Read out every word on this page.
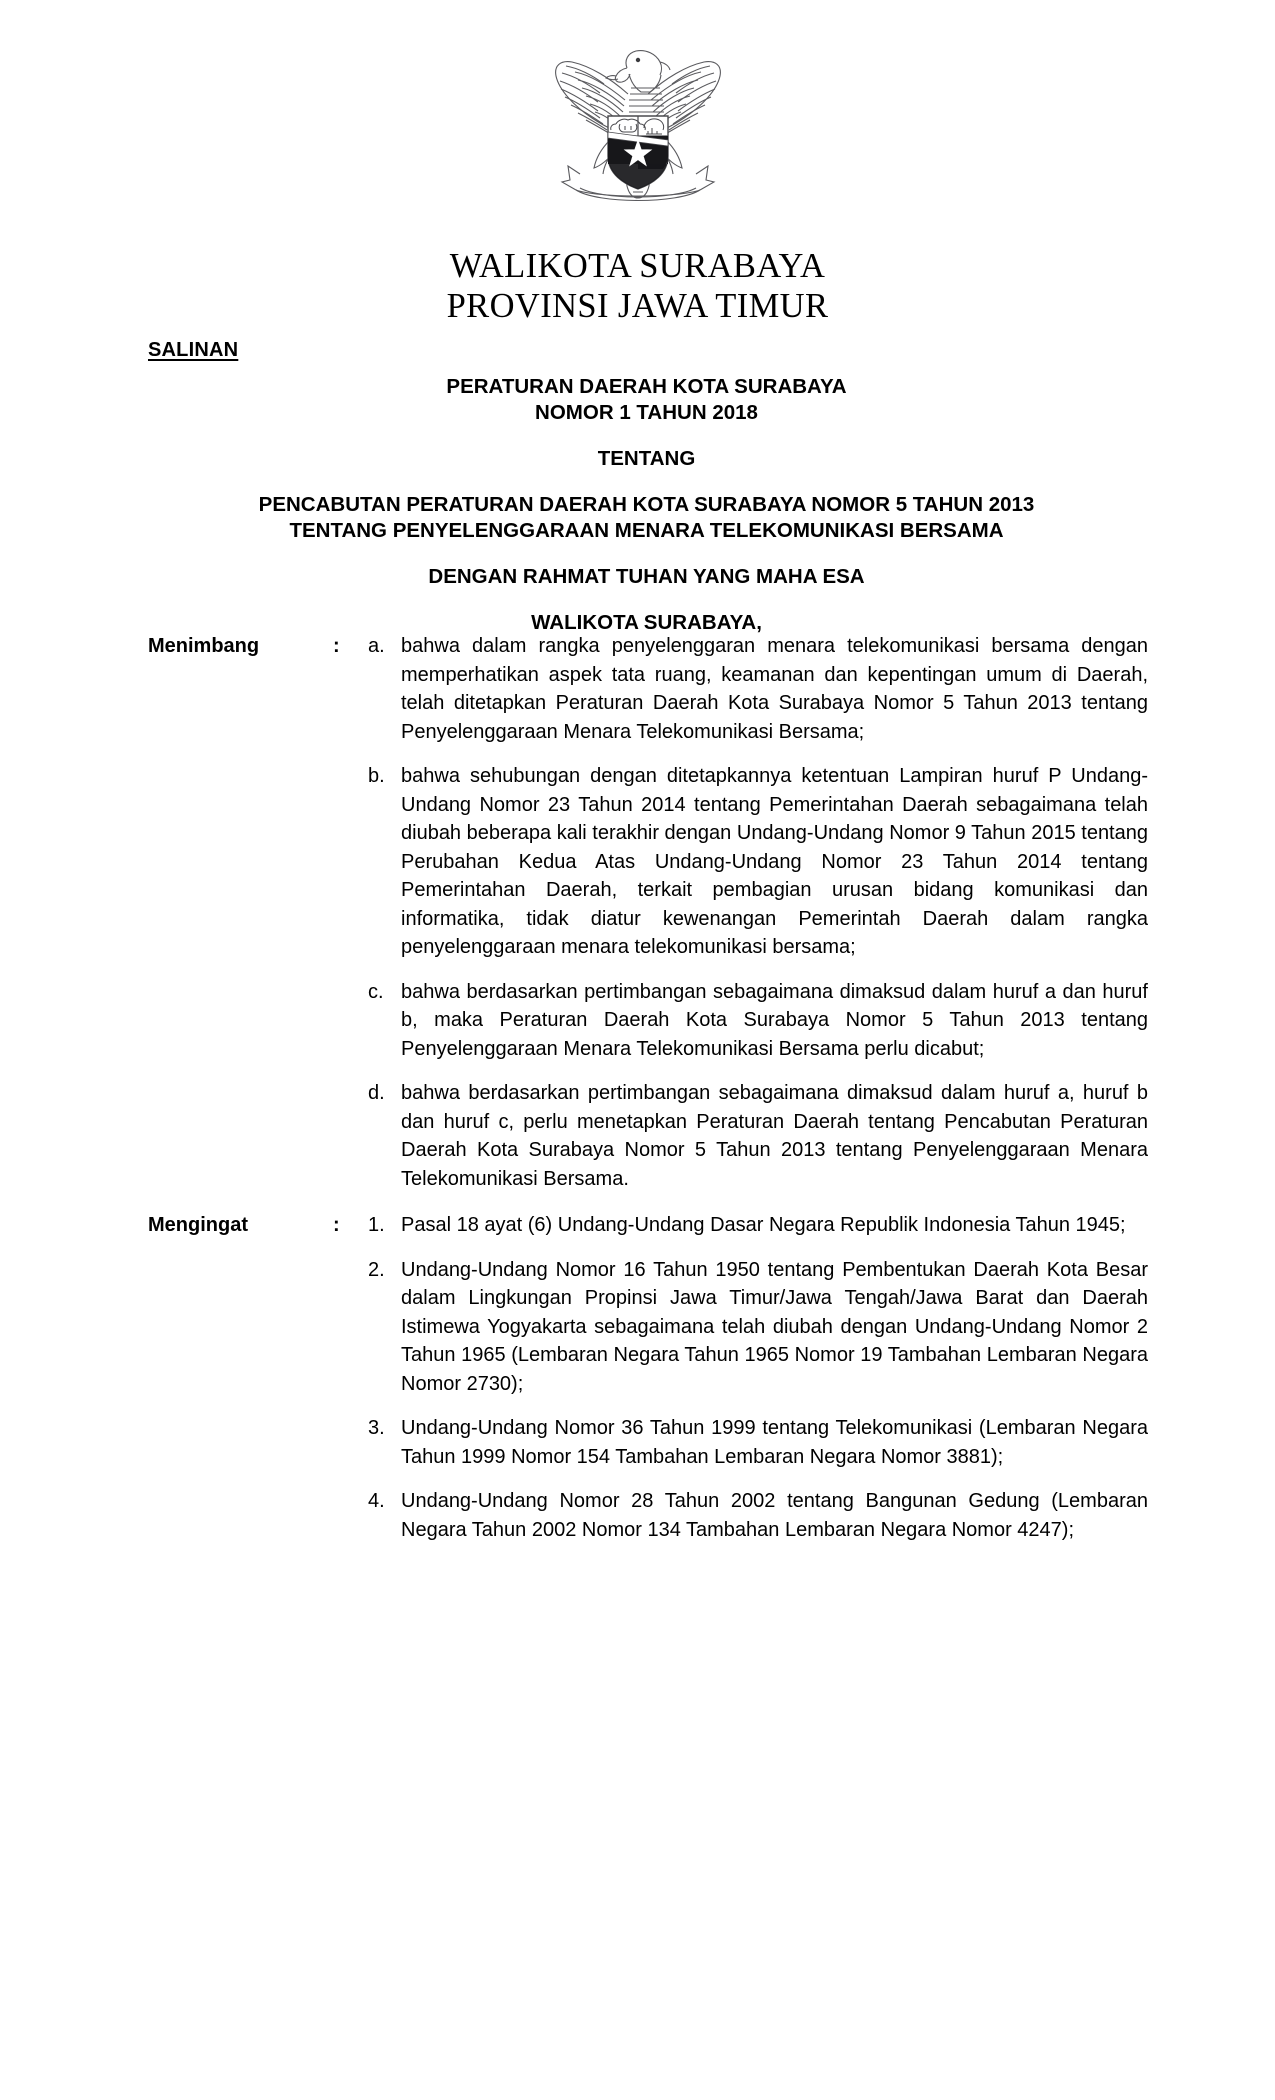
WALIKOTA SURABAYA
PROVINSI JAWA TIMUR
SALINAN
PERATURAN DAERAH KOTA SURABAYA
NOMOR 1 TAHUN 2018
TENTANG
PENCABUTAN PERATURAN DAERAH KOTA SURABAYA NOMOR 5 TAHUN 2013
TENTANG PENYELENGGARAAN MENARA TELEKOMUNIKASI BERSAMA
DENGAN RAHMAT TUHAN YANG MAHA ESA
WALIKOTA SURABAYA,
Menimbang	:	a. bahwa dalam rangka penyelenggaran menara telekomunikasi bersama dengan memperhatikan aspek tata ruang, keamanan dan kepentingan umum di Daerah, telah ditetapkan Peraturan Daerah Kota Surabaya Nomor 5 Tahun 2013 tentang Penyelenggaraan Menara Telekomunikasi Bersama;
b. bahwa sehubungan dengan ditetapkannya ketentuan Lampiran huruf P Undang-Undang Nomor 23 Tahun 2014 tentang Pemerintahan Daerah sebagaimana telah diubah beberapa kali terakhir dengan Undang-Undang Nomor 9 Tahun 2015 tentang Perubahan Kedua Atas Undang-Undang Nomor 23 Tahun 2014 tentang Pemerintahan Daerah, terkait pembagian urusan bidang komunikasi dan informatika, tidak diatur kewenangan Pemerintah Daerah dalam rangka penyelenggaraan menara telekomunikasi bersama;
c. bahwa berdasarkan pertimbangan sebagaimana dimaksud dalam huruf a dan huruf b, maka Peraturan Daerah Kota Surabaya Nomor 5 Tahun 2013 tentang Penyelenggaraan Menara Telekomunikasi Bersama perlu dicabut;
d. bahwa berdasarkan pertimbangan sebagaimana dimaksud dalam huruf a, huruf b dan huruf c, perlu menetapkan Peraturan Daerah tentang Pencabutan Peraturan Daerah Kota Surabaya Nomor 5 Tahun 2013 tentang Penyelenggaraan Menara Telekomunikasi Bersama.
Mengingat	:	1. Pasal 18 ayat (6) Undang-Undang Dasar Negara Republik Indonesia Tahun 1945;
2. Undang-Undang Nomor 16 Tahun 1950 tentang Pembentukan Daerah Kota Besar dalam Lingkungan Propinsi Jawa Timur/Jawa Tengah/Jawa Barat dan Daerah Istimewa Yogyakarta sebagaimana telah diubah dengan Undang-Undang Nomor 2 Tahun 1965 (Lembaran Negara Tahun 1965 Nomor 19 Tambahan Lembaran Negara Nomor 2730);
3. Undang-Undang Nomor 36 Tahun 1999 tentang Telekomunikasi (Lembaran Negara Tahun 1999 Nomor 154 Tambahan Lembaran Negara Nomor 3881);
4. Undang-Undang Nomor 28 Tahun 2002 tentang Bangunan Gedung (Lembaran Negara Tahun 2002 Nomor 134 Tambahan Lembaran Negara Nomor 4247);
